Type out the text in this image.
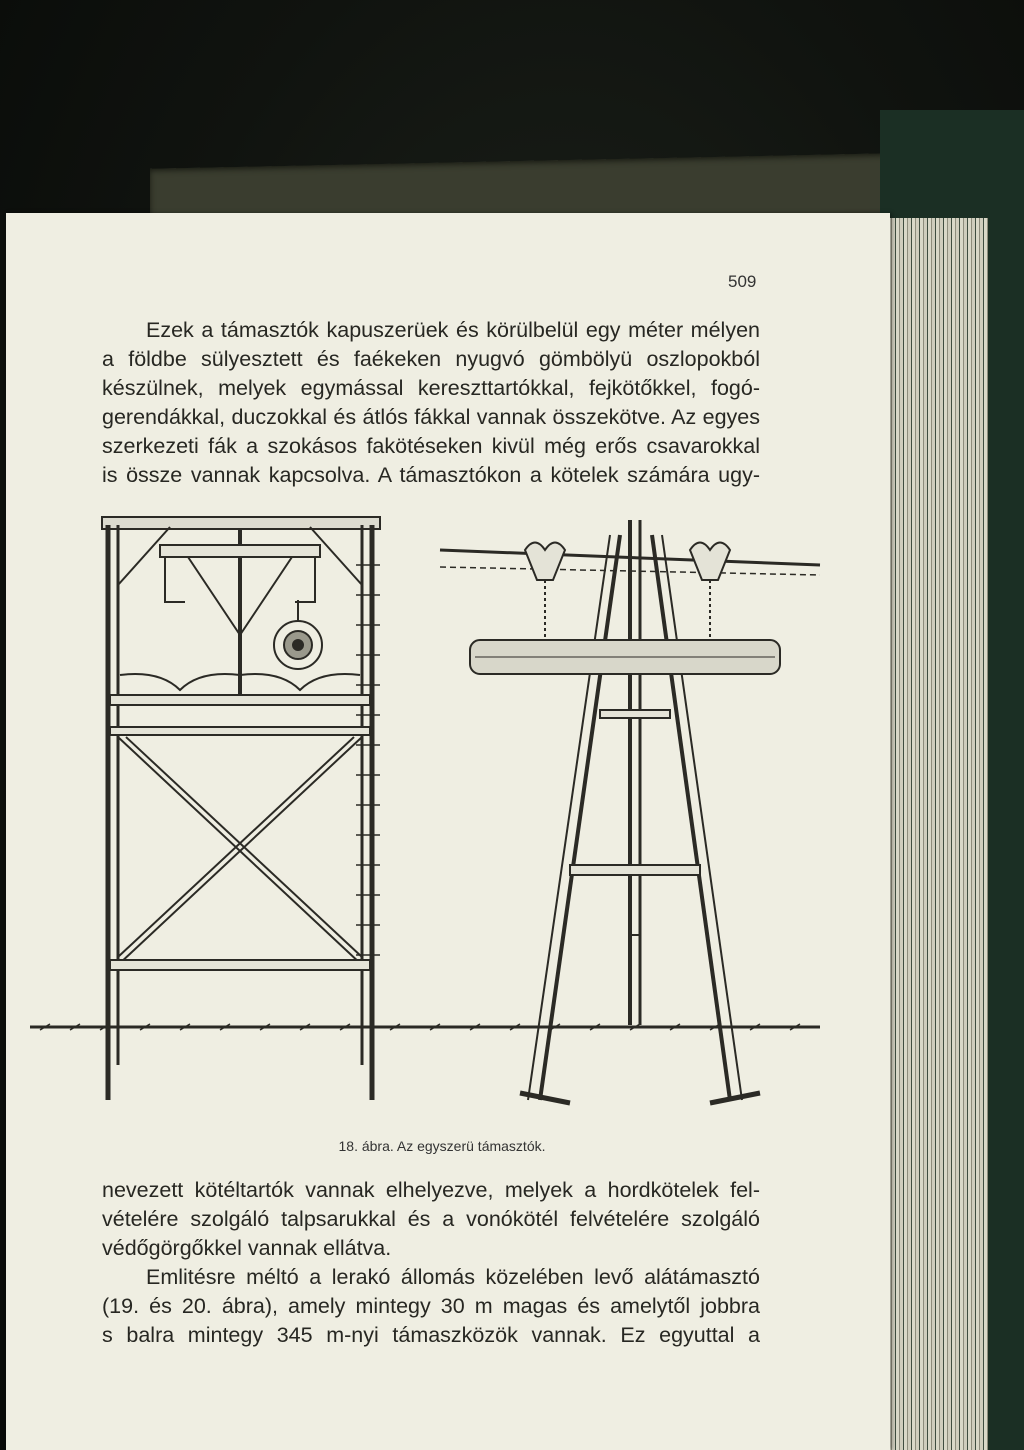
509
Ezek a támasztók kapuszerüek és körülbelül egy méter mélyen
a földbe sülyesztett és faékeken nyugvó gömbölyü oszlopokból
készülnek, melyek egymással kereszttartókkal, fejkötőkkel, fogó-
gerendákkal, duczokkal és átlós fákkal vannak összekötve. Az egyes
szerkezeti fák a szokásos fakötéseken kivül még erős csavarokkal
is össze vannak kapcsolva. A támasztókon a kötelek számára ugy-
18. ábra. Az egyszerü támasztók.
nevezett kötéltartók vannak elhelyezve, melyek a hordkötelek fel-
vételére szolgáló talpsarukkal és a vonókötél felvételére szolgáló
védőgörgőkkel vannak ellátva.
Emlitésre méltó a lerakó állomás közelében levő alátámasztó
(19. és 20. ábra), amely mintegy 30 m magas és amelytől jobbra
s balra mintegy 345 m-nyi támaszközök vannak. Ez egyuttal a
